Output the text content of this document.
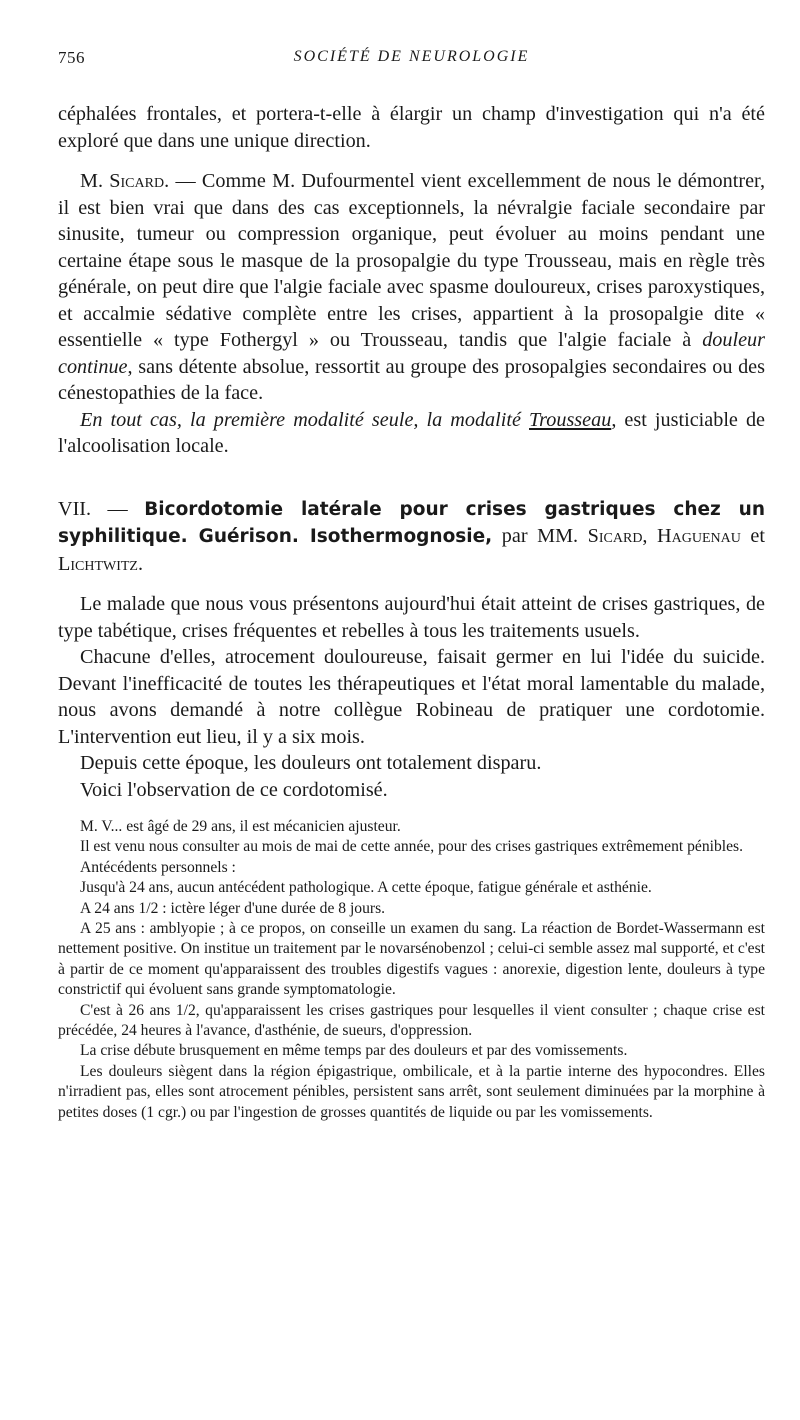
756	SOCIÉTÉ DE NEUROLOGIE

céphalées frontales, et portera-t-elle à élargir un champ d'investigation qui n'a été exploré que dans une unique direction.

M. Sicard. — Comme M. Dufourmentel vient excellemment de nous le démontrer, il est bien vrai que dans des cas exceptionnels, la névralgie faciale secondaire par sinusite, tumeur ou compression organique, peut évoluer au moins pendant une certaine étape sous le masque de la prosopalgie du type Trousseau, mais en règle très générale, on peut dire que l'algie faciale avec spasme douloureux, crises paroxystiques, et accalmie sédative complète entre les crises, appartient à la prosopalgie dite « essentielle « type Fothergyl » ou Trousseau, tandis que l'algie faciale à douleur continue, sans détente absolue, ressortit au groupe des prosopalgies secondaires ou des cénestopathies de la face.

En tout cas, la première modalité seule, la modalité Trousseau, est justiciable de l'alcoolisation locale.

VII. — Bicordotomie latérale pour crises gastriques chez un syphilitique. Guérison. Isothermognosie, par MM. Sicard, Haguenau et Lichtwitz.

Le malade que nous vous présentons aujourd'hui était atteint de crises gastriques, de type tabétique, crises fréquentes et rebelles à tous les traitements usuels.

Chacune d'elles, atrocement douloureuse, faisait germer en lui l'idée du suicide. Devant l'inefficacité de toutes les thérapeutiques et l'état moral lamentable du malade, nous avons demandé à notre collègue Robineau de pratiquer une cordotomie. L'intervention eut lieu, il y a six mois.

Depuis cette époque, les douleurs ont totalement disparu.

Voici l'observation de ce cordotomisé.

M. V... est âgé de 29 ans, il est mécanicien ajusteur.

Il est venu nous consulter au mois de mai de cette année, pour des crises gastriques extrêmement pénibles.

Antécédents personnels :

Jusqu'à 24 ans, aucun antécédent pathologique. A cette époque, fatigue générale et asthénie.

A 24 ans 1/2 : ictère léger d'une durée de 8 jours.

A 25 ans : amblyopie ; à ce propos, on conseille un examen du sang. La réaction de Bordet-Wassermann est nettement positive. On institue un traitement par le novarsénobenzol ; celui-ci semble assez mal supporté, et c'est à partir de ce moment qu'apparaissent des troubles digestifs vagues : anorexie, digestion lente, douleurs à type constrictif qui évoluent sans grande symptomatologie.

C'est à 26 ans 1/2, qu'apparaissent les crises gastriques pour lesquelles il vient consulter ; chaque crise est précédée, 24 heures à l'avance, d'asthénie, de sueurs, d'oppression.

La crise débute brusquement en même temps par des douleurs et par des vomissements.

Les douleurs siègent dans la région épigastrique, ombilicale, et à la partie interne des hypocondres. Elles n'irradient pas, elles sont atrocement pénibles, persistent sans arrêt, sont seulement diminuées par la morphine à petites doses (1 cgr.) ou par l'ingestion de grosses quantités de liquide ou par les vomissements.
